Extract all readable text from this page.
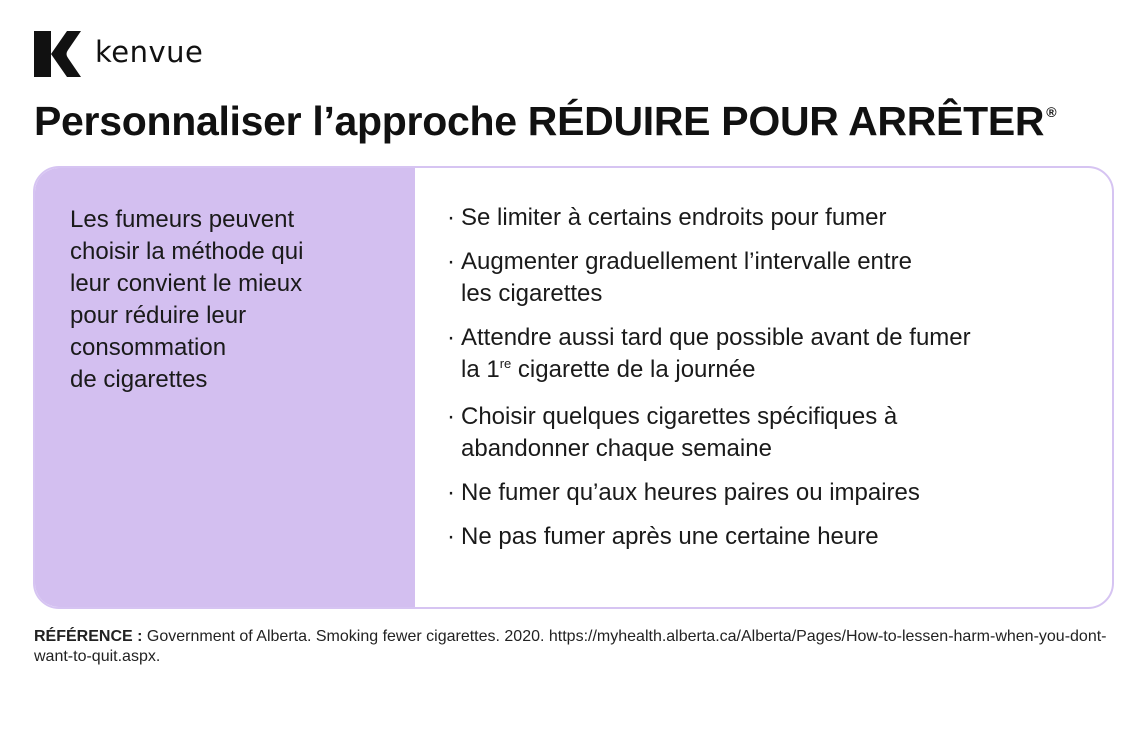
kenvue
Personnaliser l’approche RÉDUIRE POUR ARRÊTER ®

Les fumeurs peuvent
choisir la méthode qui
leur convient le mieux
pour réduire leur
consommation
de cigarettes

· Se limiter à certains endroits pour fumer
· Augmenter graduellement l’intervalle entre
les cigarettes
· Attendre aussi tard que possible avant de fumer
la 1re cigarette de la journée
· Choisir quelques cigarettes spécifiques à
abandonner chaque semaine
· Ne fumer qu’aux heures paires ou impaires
· Ne pas fumer après une certaine heure

RÉFÉRENCE : Government of Alberta. Smoking fewer cigarettes. 2020. https://myhealth.alberta.ca/Alberta/Pages/How-to-lessen-harm-when-you-dont-want-to-quit.aspx.
